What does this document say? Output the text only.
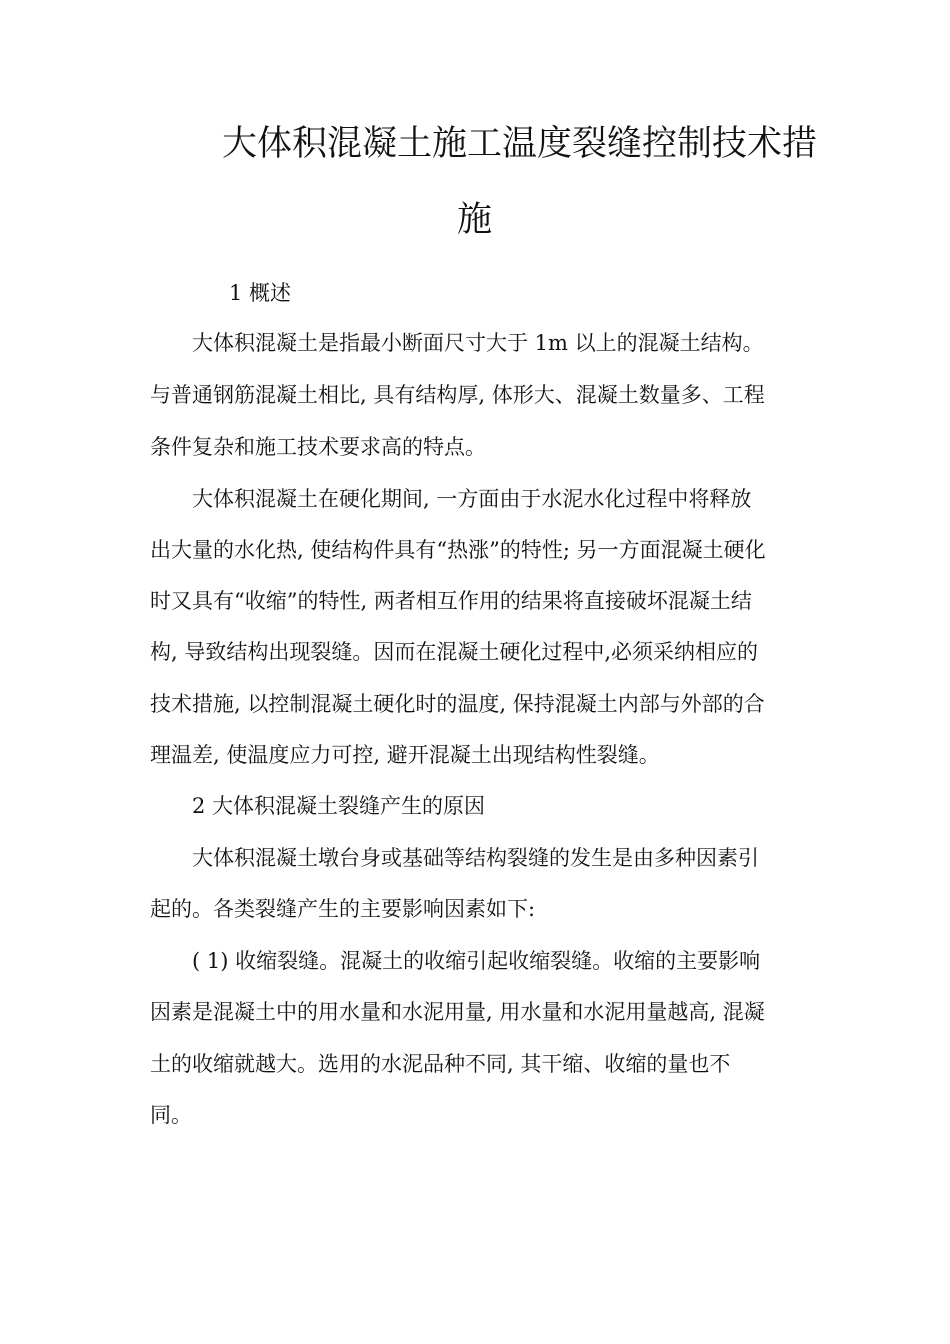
大体积混凝土施工温度裂缝控制技术措
施
1 概述
大体积混凝土是指最小断面尺寸大于 1m 以上的混凝土结构。
与普通钢筋混凝土相比, 具有结构厚, 体形大、混凝土数量多、工程
条件复杂和施工技术要求高的特点。
大体积混凝土在硬化期间, 一方面由于水泥水化过程中将释放
出大量的水化热, 使结构件具有“热涨”的特性; 另一方面混凝土硬化
时又具有“收缩”的特性, 两者相互作用的结果将直接破坏混凝土结
构, 导致结构出现裂缝。因而在混凝土硬化过程中,必须采纳相应的
技术措施, 以控制混凝土硬化时的温度, 保持混凝土内部与外部的合
理温差, 使温度应力可控, 避开混凝土出现结构性裂缝。
2 大体积混凝土裂缝产生的原因
大体积混凝土墩台身或基础等结构裂缝的发生是由多种因素引
起的。各类裂缝产生的主要影响因素如下:
( 1) 收缩裂缝。混凝土的收缩引起收缩裂缝。收缩的主要影响
因素是混凝土中的用水量和水泥用量, 用水量和水泥用量越高, 混凝
土的收缩就越大。选用的水泥品种不同, 其干缩、收缩的量也不
同。
